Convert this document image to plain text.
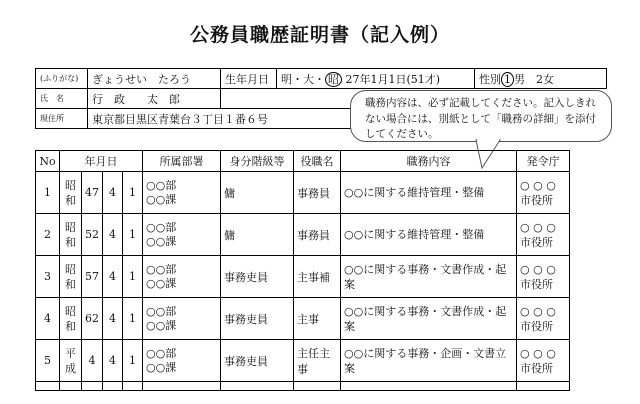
公務員職歴証明書（記入例）
(ふりがな)	ぎょうせい　たろう	生年月日	明・大・ 昭 27年1月1日(51才)	性別 1 男　2女
氏　名	行　政　　太　郎			
現住所	東京都目黒区青葉台３丁目１番６号			
職務内容は、必ず記載してください。記入しきれない場合には、別紙として「職務の詳細」を添付してください。
No	年月日				所属部署	身分階級等	役職名	職務内容	発令庁
1	昭和	47	4	1	○○部
○○課	傭	事務員	○○に関する維持管理・整備	○ ○ ○
市役所
2	昭和	52	4	1	○○部
○○課	傭	事務員	○○に関する維持管理・整備	○ ○ ○
市役所
3	昭和	57	4	1	○○部
○○課	事務吏員	主事補	○○に関する事務・文書作成・起案	○ ○ ○
市役所
4	昭和	62	4	1	○○部
○○課	事務吏員	主事	○○に関する事務・文書作成・起案	○ ○ ○
市役所
5	平成	4	4	1	○○部
○○課	事務吏員	主任主事	○○に関する事務・企画・文書立案	○ ○ ○
市役所
